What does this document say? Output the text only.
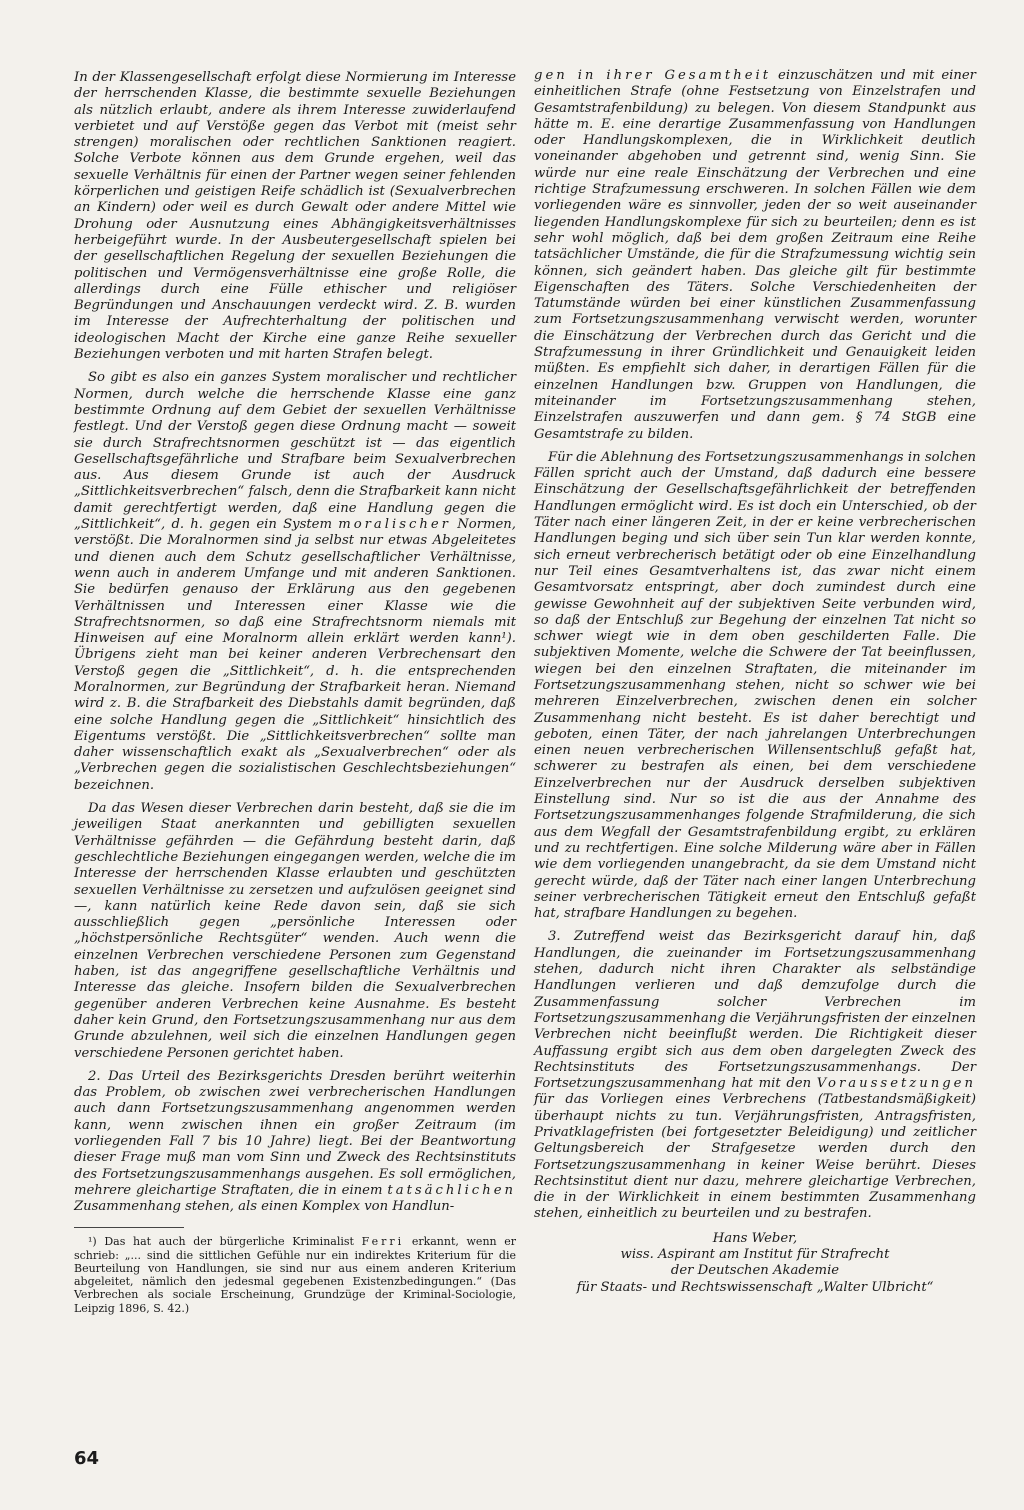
In der Klassengesellschaft erfolgt diese Normierung im Interesse der herrschenden Klasse, die bestimmte sexuelle Beziehungen als nützlich erlaubt, andere als ihrem Interesse zuwiderlaufend verbietet und auf Verstöße gegen das Verbot mit (meist sehr strengen) moralischen oder rechtlichen Sanktionen reagiert. Solche Verbote können aus dem Grunde ergehen, weil das sexuelle Verhältnis für einen der Partner wegen seiner fehlenden körperlichen und geistigen Reife schädlich ist (Sexualverbrechen an Kindern) oder weil es durch Gewalt oder andere Mittel wie Drohung oder Ausnutzung eines Abhängigkeitsverhältnisses herbeigeführt wurde. In der Ausbeutergesellschaft spielen bei der gesellschaftlichen Regelung der sexuellen Beziehungen die politischen und Vermögensverhältnisse eine große Rolle, die allerdings durch eine Fülle ethischer und religiöser Begründungen und Anschauungen verdeckt wird. Z. B. wurden im Interesse der Aufrechterhaltung der politischen und ideologischen Macht der Kirche eine ganze Reihe sexueller Beziehungen verboten und mit harten Strafen belegt.

So gibt es also ein ganzes System moralischer und rechtlicher Normen, durch welche die herrschende Klasse eine ganz bestimmte Ordnung auf dem Gebiet der sexuellen Verhältnisse festlegt. Und der Verstoß gegen diese Ordnung macht — soweit sie durch Strafrechtsnormen geschützt ist — das eigentlich Gesellschaftsgefährliche und Strafbare beim Sexualverbrechen aus. Aus diesem Grunde ist auch der Ausdruck „Sittlichkeitsverbrechen“ falsch, denn die Strafbarkeit kann nicht damit gerechtfertigt werden, daß eine Handlung gegen die „Sittlichkeit“, d. h. gegen ein System moralischer Normen, verstößt. Die Moralnormen sind ja selbst nur etwas Abgeleitetes und dienen auch dem Schutz gesellschaftlicher Verhältnisse, wenn auch in anderem Umfange und mit anderen Sanktionen. Sie bedürfen genauso der Erklärung aus den gegebenen Verhältnissen und Interessen einer Klasse wie die Strafrechtsnormen, so daß eine Strafrechtsnorm niemals mit Hinweisen auf eine Moralnorm allein erklärt werden kann¹). Übrigens zieht man bei keiner anderen Verbrechensart den Verstoß gegen die „Sittlichkeit“, d. h. die entsprechenden Moralnormen, zur Begründung der Strafbarkeit heran. Niemand wird z. B. die Strafbarkeit des Diebstahls damit begründen, daß eine solche Handlung gegen die „Sittlichkeit“ hinsichtlich des Eigentums verstößt. Die „Sittlichkeitsverbrechen“ sollte man daher wissenschaftlich exakt als „Sexualverbrechen“ oder als „Verbrechen gegen die sozialistischen Geschlechtsbeziehungen“ bezeichnen.

Da das Wesen dieser Verbrechen darin besteht, daß sie die im jeweiligen Staat anerkannten und gebilligten sexuellen Verhältnisse gefährden — die Gefährdung besteht darin, daß geschlechtliche Beziehungen eingegangen werden, welche die im Interesse der herrschenden Klasse erlaubten und geschützten sexuellen Verhältnisse zu zersetzen und aufzulösen geeignet sind —, kann natürlich keine Rede davon sein, daß sie sich ausschließlich gegen „persönliche Interessen oder „höchstpersönliche Rechtsgüter“ wenden. Auch wenn die einzelnen Verbrechen verschiedene Personen zum Gegenstand haben, ist das angegriffene gesellschaftliche Verhältnis und Interesse das gleiche. Insofern bilden die Sexualverbrechen gegenüber anderen Verbrechen keine Ausnahme. Es besteht daher kein Grund, den Fortsetzungszusammenhang nur aus dem Grunde abzulehnen, weil sich die einzelnen Handlungen gegen verschiedene Personen gerichtet haben.

2. Das Urteil des Bezirksgerichts Dresden berührt weiterhin das Problem, ob zwischen zwei verbrecherischen Handlungen auch dann Fortsetzungszusammenhang angenommen werden kann, wenn zwischen ihnen ein großer Zeitraum (im vorliegenden Fall 7 bis 10 Jahre) liegt. Bei der Beantwortung dieser Frage muß man vom Sinn und Zweck des Rechtsinstituts des Fortsetzungszusammenhangs ausgehen. Es soll ermöglichen, mehrere gleichartige Straftaten, die in einem tatsächlichen Zusammenhang stehen, als einen Komplex von Handlun-

¹) Das hat auch der bürgerliche Kriminalist Ferri erkannt, wenn er schrieb: „... sind die sittlichen Gefühle nur ein indirektes Kriterium für die Beurteilung von Handlungen, sie sind nur aus einem anderen Kriterium abgeleitet, nämlich den jedesmal gegebenen Existenzbedingungen.“ (Das Verbrechen als sociale Erscheinung, Grundzüge der Kriminal-Sociologie, Leipzig 1896, S. 42.)

gen in ihrer Gesamtheit einzuschätzen und mit einer einheitlichen Strafe (ohne Festsetzung von Einzelstrafen und Gesamtstrafenbildung) zu belegen. Von diesem Standpunkt aus hätte m. E. eine derartige Zusammenfassung von Handlungen oder Handlungskomplexen, die in Wirklichkeit deutlich voneinander abgehoben und getrennt sind, wenig Sinn. Sie würde nur eine reale Einschätzung der Verbrechen und eine richtige Strafzumessung erschweren. In solchen Fällen wie dem vorliegenden wäre es sinnvoller, jeden der so weit auseinander liegenden Handlungskomplexe für sich zu beurteilen; denn es ist sehr wohl möglich, daß bei dem großen Zeitraum eine Reihe tatsächlicher Umstände, die für die Strafzumessung wichtig sein können, sich geändert haben. Das gleiche gilt für bestimmte Eigenschaften des Täters. Solche Verschiedenheiten der Tatumstände würden bei einer künstlichen Zusammenfassung zum Fortsetzungszusammenhang verwischt werden, worunter die Einschätzung der Verbrechen durch das Gericht und die Strafzumessung in ihrer Gründlichkeit und Genauigkeit leiden müßten. Es empfiehlt sich daher, in derartigen Fällen für die einzelnen Handlungen bzw. Gruppen von Handlungen, die miteinander im Fortsetzungszusammenhang stehen, Einzelstrafen auszuwerfen und dann gem. § 74 StGB eine Gesamtstrafe zu bilden.

Für die Ablehnung des Fortsetzungszusammenhangs in solchen Fällen spricht auch der Umstand, daß dadurch eine bessere Einschätzung der Gesellschaftsgefährlichkeit der betreffenden Handlungen ermöglicht wird. Es ist doch ein Unterschied, ob der Täter nach einer längeren Zeit, in der er keine verbrecherischen Handlungen beging und sich über sein Tun klar werden konnte, sich erneut verbrecherisch betätigt oder ob eine Einzelhandlung nur Teil eines Gesamtverhaltens ist, das zwar nicht einem Gesamtvorsatz entspringt, aber doch zumindest durch eine gewisse Gewohnheit auf der subjektiven Seite verbunden wird, so daß der Entschluß zur Begehung der einzelnen Tat nicht so schwer wiegt wie in dem oben geschilderten Falle. Die subjektiven Momente, welche die Schwere der Tat beeinflussen, wiegen bei den einzelnen Straftaten, die miteinander im Fortsetzungszusammenhang stehen, nicht so schwer wie bei mehreren Einzelverbrechen, zwischen denen ein solcher Zusammenhang nicht besteht. Es ist daher berechtigt und geboten, einen Täter, der nach jahrelangen Unterbrechungen einen neuen verbrecherischen Willensentschluß gefaßt hat, schwerer zu bestrafen als einen, bei dem verschiedene Einzelverbrechen nur der Ausdruck derselben subjektiven Einstellung sind. Nur so ist die aus der Annahme des Fortsetzungszusammenhanges folgende Strafmilderung, die sich aus dem Wegfall der Gesamtstrafenbildung ergibt, zu erklären und zu rechtfertigen. Eine solche Milderung wäre aber in Fällen wie dem vorliegenden unangebracht, da sie dem Umstand nicht gerecht würde, daß der Täter nach einer langen Unterbrechung seiner verbrecherischen Tätigkeit erneut den Entschluß gefaßt hat, strafbare Handlungen zu begehen.

3. Zutreffend weist das Bezirksgericht darauf hin, daß Handlungen, die zueinander im Fortsetzungszusammenhang stehen, dadurch nicht ihren Charakter als selbständige Handlungen verlieren und daß demzufolge durch die Zusammenfassung solcher Verbrechen im Fortsetzungszusammenhang die Verjährungsfristen der einzelnen Verbrechen nicht beeinflußt werden. Die Richtigkeit dieser Auffassung ergibt sich aus dem oben dargelegten Zweck des Rechtsinstituts des Fortsetzungszusammenhangs. Der Fortsetzungszusammenhang hat mit den Voraussetzungen für das Vorliegen eines Verbrechens (Tatbestandsmäßigkeit) überhaupt nichts zu tun. Verjährungsfristen, Antragsfristen, Privatklagefristen (bei fortgesetzter Beleidigung) und zeitlicher Geltungsbereich der Strafgesetze werden durch den Fortsetzungszusammenhang in keiner Weise berührt. Dieses Rechtsinstitut dient nur dazu, mehrere gleichartige Verbrechen, die in der Wirklichkeit in einem bestimmten Zusammenhang stehen, einheitlich zu beurteilen und zu bestrafen.

Hans Weber,
wiss. Aspirant am Institut für Strafrecht
der Deutschen Akademie
für Staats- und Rechtswissenschaft „Walter Ulbricht“
64
